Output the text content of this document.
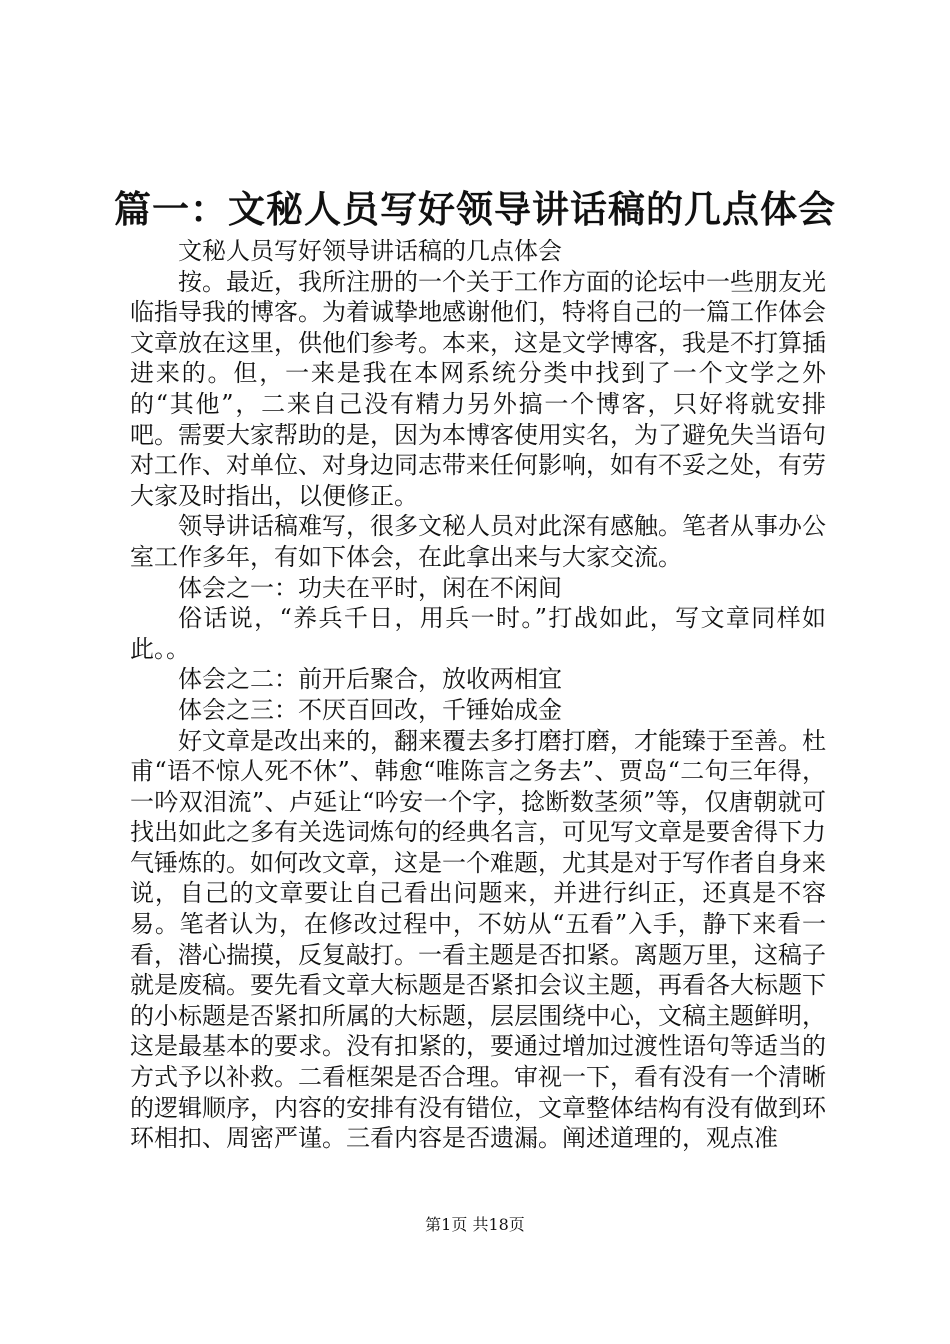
篇一：文秘人员写好领导讲话稿的几点体会

文秘人员写好领导讲话稿的几点体会

按。最近，我所注册的一个关于工作方面的论坛中一些朋友光临指导我的博客。为着诚挚地感谢他们，特将自己的一篇工作体会文章放在这里，供他们参考。本来，这是文学博客，我是不打算插进来的。但，一来是我在本网系统分类中找到了一个文学之外的“其他”，二来自己没有精力另外搞一个博客，只好将就安排吧。需要大家帮助的是，因为本博客使用实名，为了避免失当语句对工作、对单位、对身边同志带来任何影响，如有不妥之处，有劳大家及时指出，以便修正。

领导讲话稿难写，很多文秘人员对此深有感触。笔者从事办公室工作多年，有如下体会，在此拿出来与大家交流。

体会之一：功夫在平时，闲在不闲间

俗话说，“养兵千日，用兵一时。”打战如此，写文章同样如此。。

体会之二：前开后聚合，放收两相宜

体会之三：不厌百回改，千锤始成金

好文章是改出来的，翻来覆去多打磨打磨，才能臻于至善。杜甫“语不惊人死不休”、韩愈“唯陈言之务去”、贾岛“二句三年得，一吟双泪流”、卢延让“吟安一个字，捻断数茎须”等，仅唐朝就可找出如此之多有关选词炼句的经典名言，可见写文章是要舍得下力气锤炼的。如何改文章，这是一个难题，尤其是对于写作者自身来说，自己的文章要让自己看出问题来，并进行纠正，还真是不容易。笔者认为，在修改过程中，不妨从“五看”入手，静下来看一看，潜心揣摸，反复敲打。一看主题是否扣紧。离题万里，这稿子就是废稿。要先看文章大标题是否紧扣会议主题，再看各大标题下的小标题是否紧扣所属的大标题，层层围绕中心，文稿主题鲜明，这是最基本的要求。没有扣紧的，要通过增加过渡性语句等适当的方式予以补救。二看框架是否合理。审视一下，看有没有一个清晰的逻辑顺序，内容的安排有没有错位，文章整体结构有没有做到环环相扣、周密严谨。三看内容是否遗漏。阐述道理的，观点准

第1页 共18页
